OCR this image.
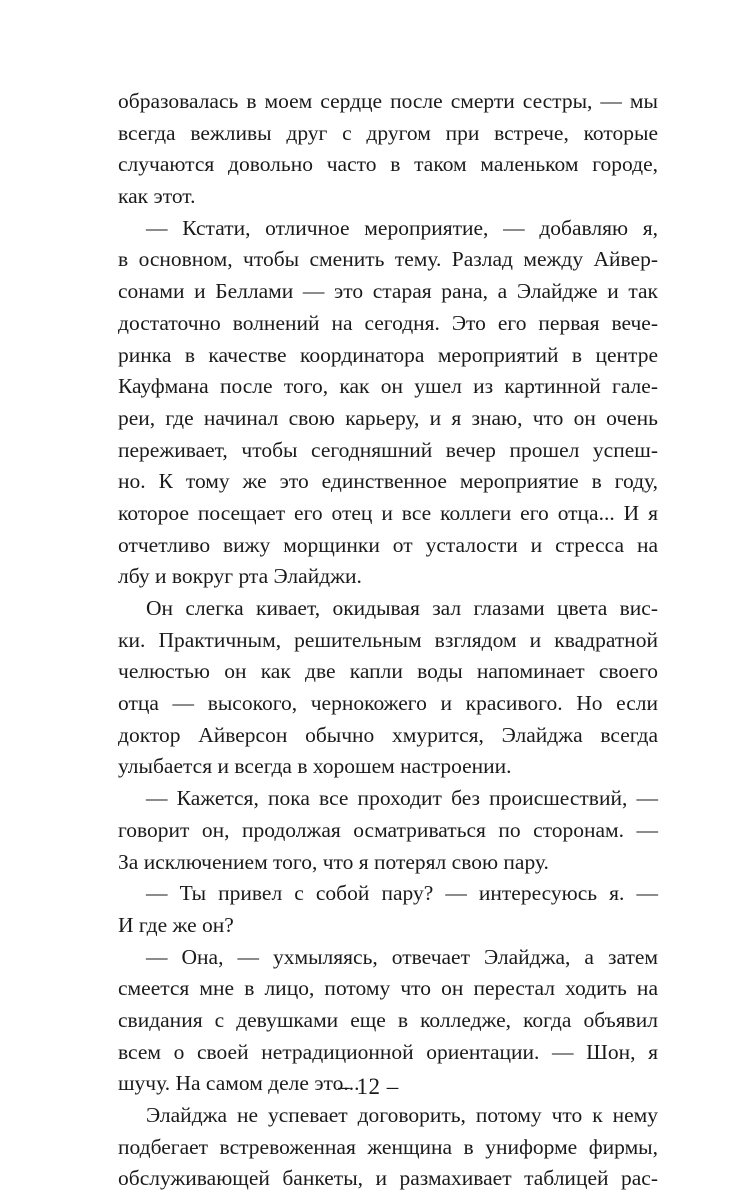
образовалась в моем сердце после смерти сестры, — мы
всегда вежливы друг с другом при встрече, которые
случаются довольно часто в таком маленьком городе,
как этот.
— Кстати, отличное мероприятие, — добавляю я,
в основном, чтобы сменить тему. Разлад между Айвер-
сонами и Беллами — это старая рана, а Элайдже и так
достаточно волнений на сегодня. Это его первая вече-
ринка в качестве координатора мероприятий в центре
Кауфмана после того, как он ушел из картинной гале-
реи, где начинал свою карьеру, и я знаю, что он очень
переживает, чтобы сегодняшний вечер прошел успеш-
но. К тому же это единственное мероприятие в году,
которое посещает его отец и все коллеги его отца... И я
отчетливо вижу морщинки от усталости и стресса на
лбу и вокруг рта Элайджи.
Он слегка кивает, окидывая зал глазами цвета вис-
ки. Практичным, решительным взглядом и квадратной
челюстью он как две капли воды напоминает своего
отца — высокого, чернокожего и красивого. Но если
доктор Айверсон обычно хмурится, Элайджа всегда
улыбается и всегда в хорошем настроении.
— Кажется, пока все проходит без происшествий, —
говорит он, продолжая осматриваться по сторонам. —
За исключением того, что я потерял свою пару.
— Ты привел с собой пару? — интересуюсь я. —
И где же он?
— Она, — ухмыляясь, отвечает Элайджа, а затем
смеется мне в лицо, потому что он перестал ходить на
свидания с девушками еще в колледже, когда объявил
всем о своей нетрадиционной ориентации. — Шон, я
шучу. На самом деле это...
Элайджа не успевает договорить, потому что к нему
подбегает встревоженная женщина в униформе фирмы,
обслуживающей банкеты, и размахивает таблицей рас-
– 12 –
